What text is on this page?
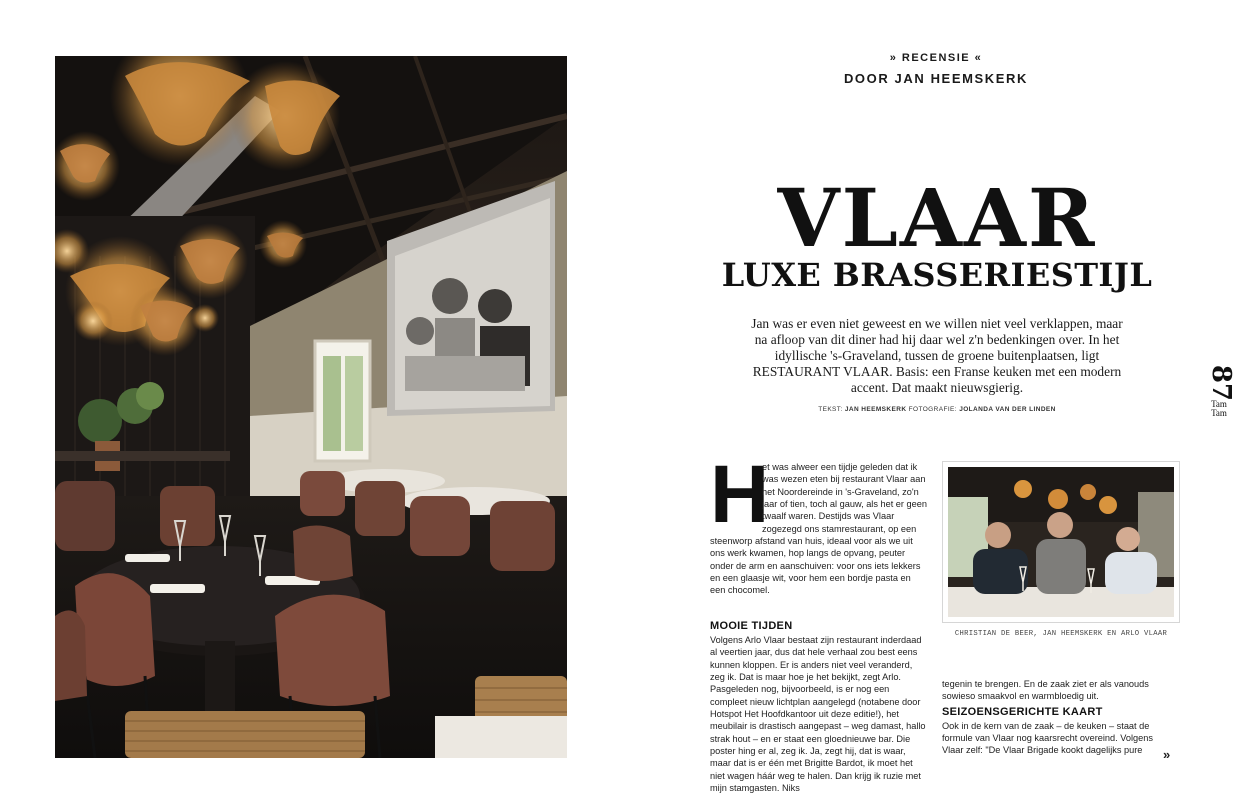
» RECENSIE «
DOOR JAN HEEMSKERK
VLAAR
LUXE BRASSERIESTIJL

Jan was er even niet geweest en we willen niet veel verklappen, maar na afloop van dit diner had hij daar wel z'n bedenkingen over. In het idyllische 's-Graveland, tussen de groene buitenplaatsen, ligt RESTAURANT VLAAR. Basis: een Franse keuken met een modern accent. Dat maakt nieuwsgierig.

TEKST: JAN HEEMSKERK FOTOGRAFIE: JOLANDA VAN DER LINDEN
H
et was alweer een tijdje geleden dat ik was wezen eten bij restaurant Vlaar aan het Noordereinde in 's-Graveland, zo'n jaar of tien, toch al gauw, als het er geen twaalf waren. Destijds was Vlaar zogezegd ons stamrestaurant, op een steenworp afstand van huis, ideaal voor als we uit ons werk kwamen, hop langs de opvang, peuter onder de arm en aanschuiven: voor ons iets lekkers en een glaasje wit, voor hem een bordje pasta en een chocomel.
MOOIE TIJDEN
Volgens Arlo Vlaar bestaat zijn restaurant inderdaad al veertien jaar, dus dat hele verhaal zou best eens kunnen kloppen. Er is anders niet veel veranderd, zeg ik. Dat is maar hoe je het bekijkt, zegt Arlo. Pasgeleden nog, bijvoorbeeld, is er nog een compleet nieuw lichtplan aangelegd (notabene door Hotspot Het Hoofdkantoor uit deze editie!), het meubilair is drastisch aangepast – weg damast, hallo strak hout – en er staat een gloednieuwe bar. Die poster hing er al, zeg ik. Ja, zegt hij, dat is waar, maar dat is er één met Brigitte Bardot, ik moet het niet wagen háár weg te halen. Dan krijg ik ruzie met mijn stamgasten. Niks
CHRISTIAN DE BEER, JAN HEEMSKERK EN ARLO VLAAR
tegenin te brengen. En de zaak ziet er als vanouds sowieso smaakvol en warmbloedig uit.
SEIZOENSGERICHTE KAART
Ook in de kern van de zaak – de keuken – staat de formule van Vlaar nog kaarsrecht overeind. Volgens Vlaar zelf: "De Vlaar Brigade kookt dagelijks pure	»
87
Tam Tam
